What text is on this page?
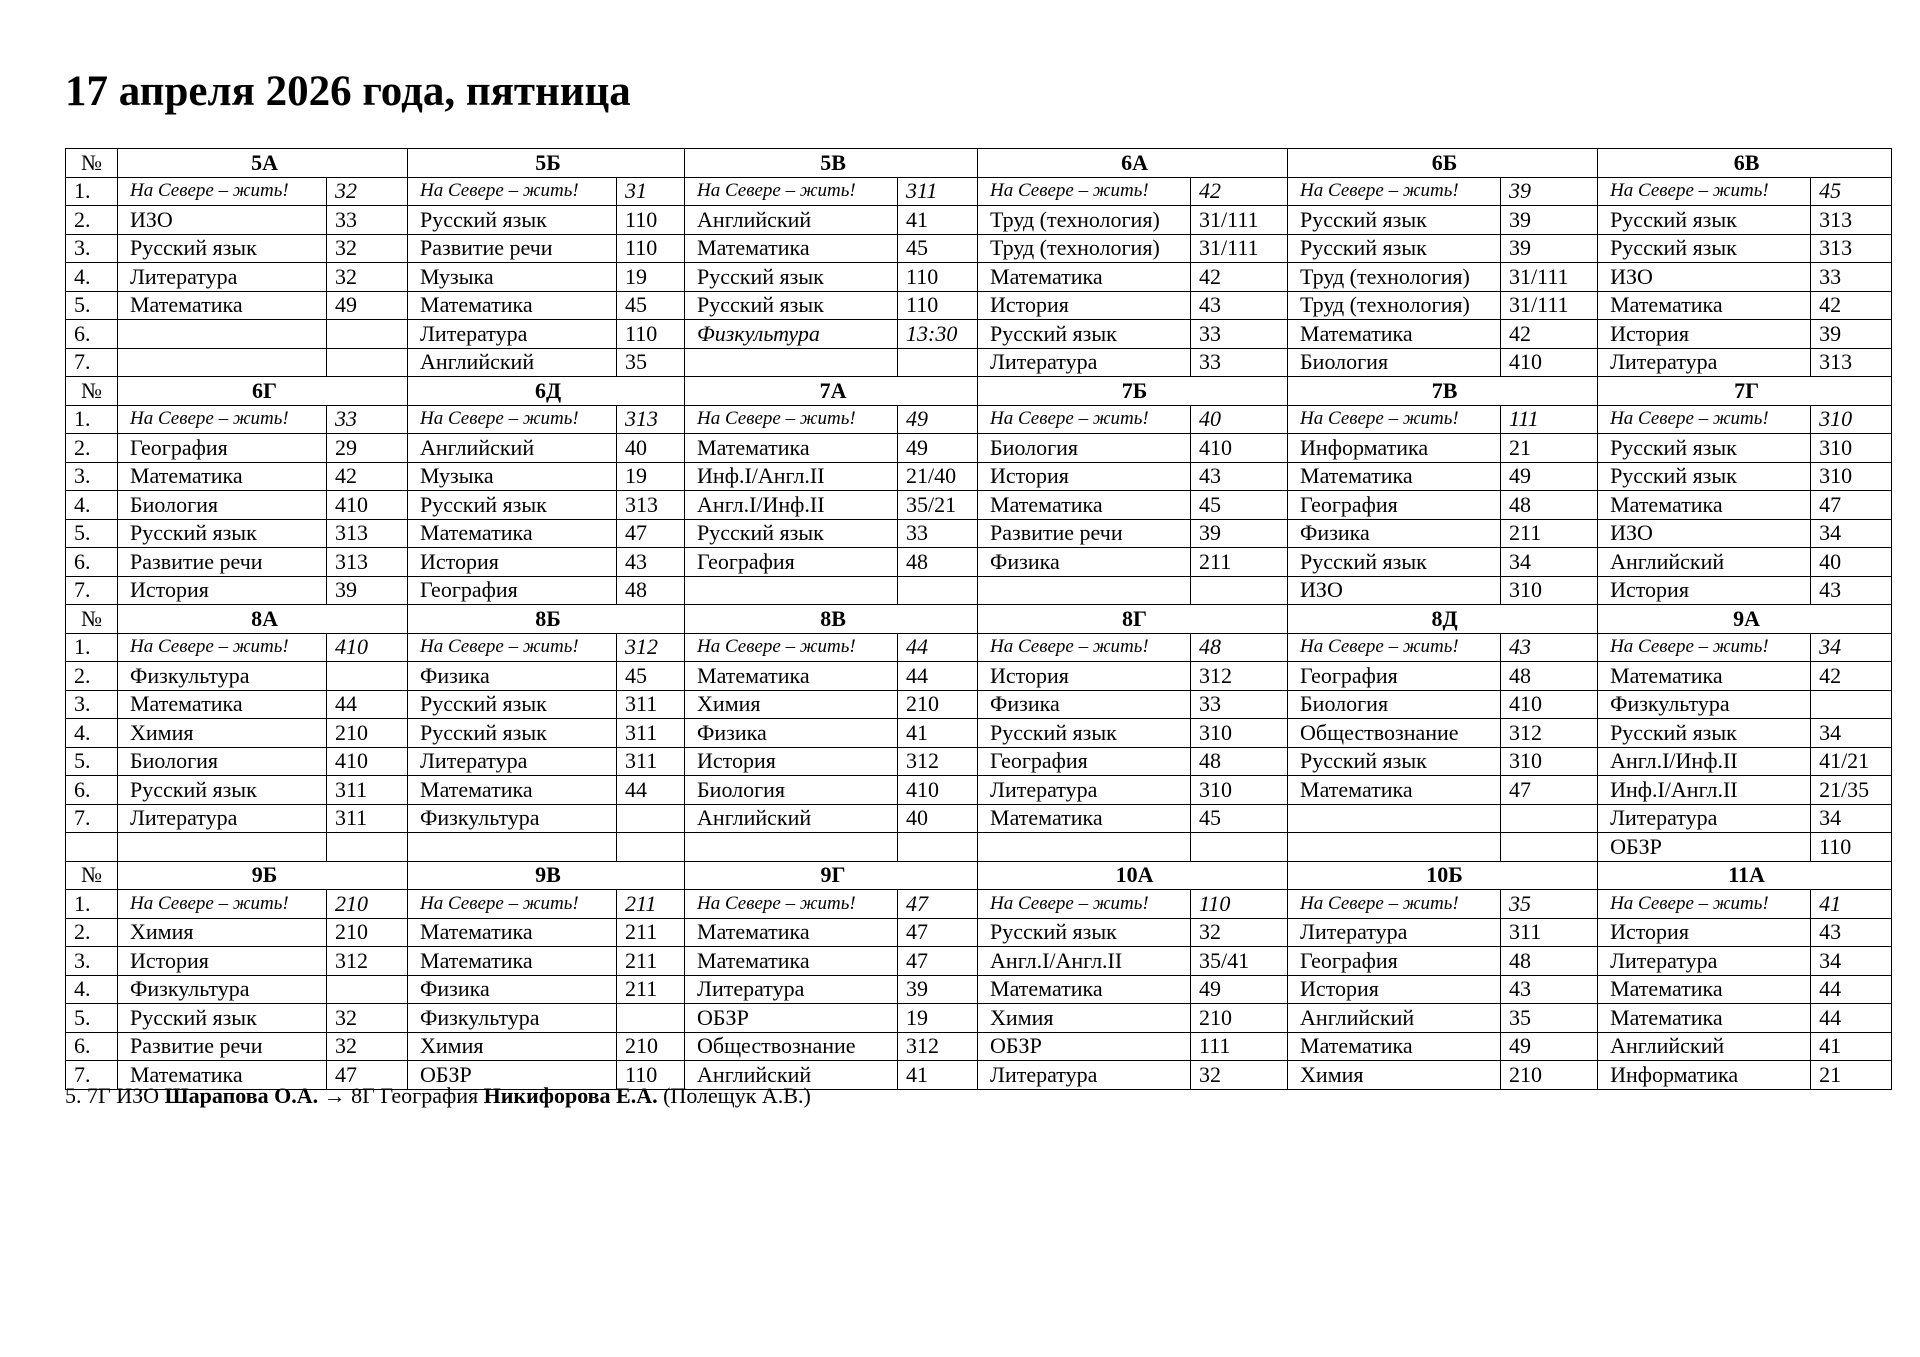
17 апреля 2026 года, пятница
№	5А		5Б		5В		6А		6Б		6В	
1.	На Севере – жить!	32	На Севере – жить!	31	На Севере – жить!	311	На Севере – жить!	42	На Севере – жить!	39	На Севере – жить!	45
2.	ИЗО	33	Русский язык	110	Английский	41	Труд (технология)	31/111	Русский язык	39	Русский язык	313
3.	Русский язык	32	Развитие речи	110	Математика	45	Труд (технология)	31/111	Русский язык	39	Русский язык	313
4.	Литература	32	Музыка	19	Русский язык	110	Математика	42	Труд (технология)	31/111	ИЗО	33
5.	Математика	49	Математика	45	Русский язык	110	История	43	Труд (технология)	31/111	Математика	42
6.			Литература	110	Физкультура	13:30	Русский язык	33	Математика	42	История	39
7.			Английский	35			Литература	33	Биология	410	Литература	313
№	6Г		6Д		7А		7Б		7В		7Г	
1.	На Севере – жить!	33	На Севере – жить!	313	На Севере – жить!	49	На Севере – жить!	40	На Севере – жить!	111	На Севере – жить!	310
2.	География	29	Английский	40	Математика	49	Биология	410	Информатика	21	Русский язык	310
3.	Математика	42	Музыка	19	Инф.I/Англ.II	21/40	История	43	Математика	49	Русский язык	310
4.	Биология	410	Русский язык	313	Англ.I/Инф.II	35/21	Математика	45	География	48	Математика	47
5.	Русский язык	313	Математика	47	Русский язык	33	Развитие речи	39	Физика	211	ИЗО	34
6.	Развитие речи	313	История	43	География	48	Физика	211	Русский язык	34	Английский	40
7.	История	39	География	48					ИЗО	310	История	43
№	8А		8Б		8В		8Г		8Д		9А	
1.	На Севере – жить!	410	На Севере – жить!	312	На Севере – жить!	44	На Севере – жить!	48	На Севере – жить!	43	На Севере – жить!	34
2.	Физкультура		Физика	45	Математика	44	История	312	География	48	Математика	42
3.	Математика	44	Русский язык	311	Химия	210	Физика	33	Биология	410	Физкультура	
4.	Химия	210	Русский язык	311	Физика	41	Русский язык	310	Обществознание	312	Русский язык	34
5.	Биология	410	Литература	311	История	312	География	48	Русский язык	310	Англ.I/Инф.II	41/21
6.	Русский язык	311	Математика	44	Биология	410	Литература	310	Математика	47	Инф.I/Англ.II	21/35
7.	Литература	311	Физкультура		Английский	40	Математика	45			Литература	34
											ОБЗР	110
№	9Б		9В		9Г		10А		10Б		11А	
1.	На Севере – жить!	210	На Севере – жить!	211	На Севере – жить!	47	На Севере – жить!	110	На Севере – жить!	35	На Севере – жить!	41
2.	Химия	210	Математика	211	Математика	47	Русский язык	32	Литература	311	История	43
3.	История	312	Математика	211	Математика	47	Англ.I/Англ.II	35/41	География	48	Литература	34
4.	Физкультура		Физика	211	Литература	39	Математика	49	История	43	Математика	44
5.	Русский язык	32	Физкультура		ОБЗР	19	Химия	210	Английский	35	Математика	44
6.	Развитие речи	32	Химия	210	Обществознание	312	ОБЗР	111	Математика	49	Английский	41
7.	Математика	47	ОБЗР	110	Английский	41	Литература	32	Химия	210	Информатика	21

5. 7Г ИЗО Шарапова О.А. → 8Г География Никифорова Е.А. (Полещук А.В.)
